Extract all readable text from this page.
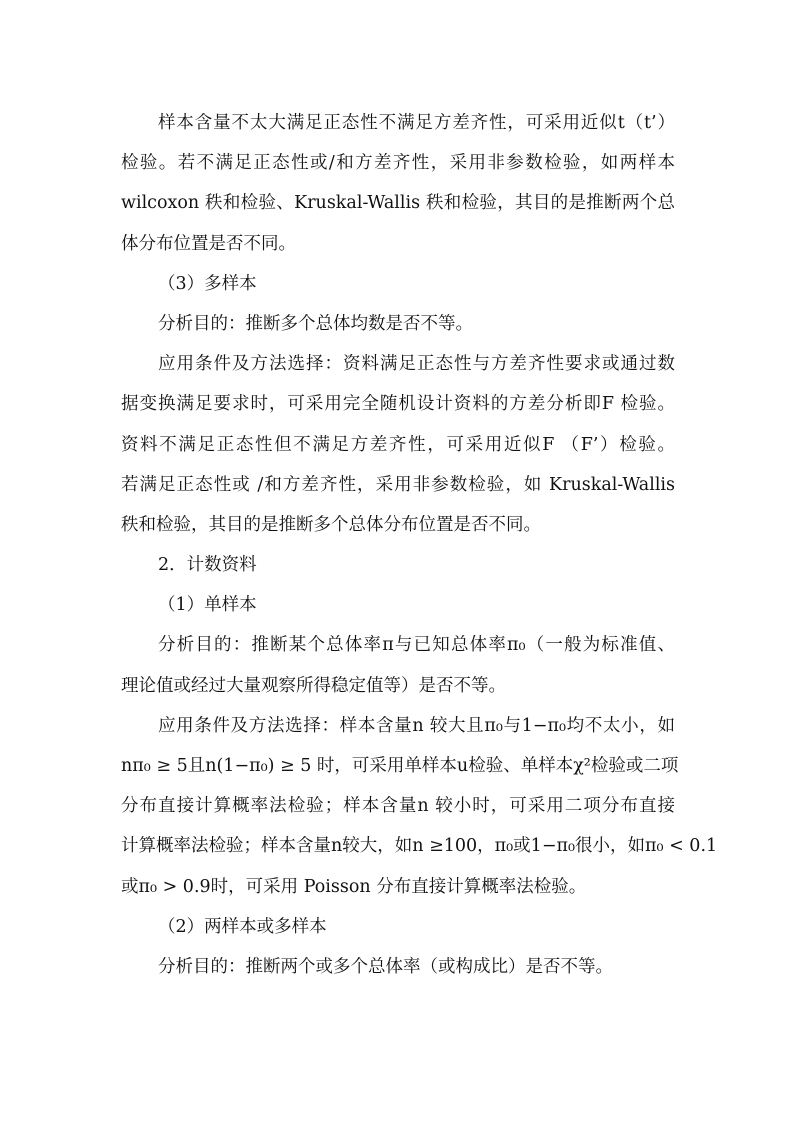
样本含量不太大满足正态性不满足方差齐性，可采用近似t（t’）
检验。若不满足正态性或/和方差齐性，采用非参数检验，如两样本
wilcoxon 秩和检验、Kruskal-Wallis 秩和检验，其目的是推断两个总
体分布位置是否不同。
（3）多样本
分析目的：推断多个总体均数是否不等。
应用条件及方法选择：资料满足正态性与方差齐性要求或通过数
据变换满足要求时，可采用完全随机设计资料的方差分析即F 检验。
资料不满足正态性但不满足方差齐性，可采用近似F （F’）检验。
若满足正态性或 /和方差齐性，采用非参数检验，如 Kruskal-Wallis
秩和检验，其目的是推断多个总体分布位置是否不同。
2．计数资料
（1）单样本
分析目的：推断某个总体率π与已知总体率π₀（一般为标准值、
理论值或经过大量观察所得稳定值等）是否不等。
应用条件及方法选择：样本含量n 较大且π₀与1−π₀均不太小，如
nπ₀ ≥ 5且n(1−π₀) ≥ 5 时，可采用单样本u检验、单样本χ²检验或二项
分布直接计算概率法检验；样本含量n 较小时，可采用二项分布直接
计算概率法检验；样本含量n较大，如n ≥100，π₀或1−π₀很小，如π₀ < 0.1
或π₀ > 0.9时，可采用 Poisson 分布直接计算概率法检验。
（2）两样本或多样本
分析目的：推断两个或多个总体率（或构成比）是否不等。
